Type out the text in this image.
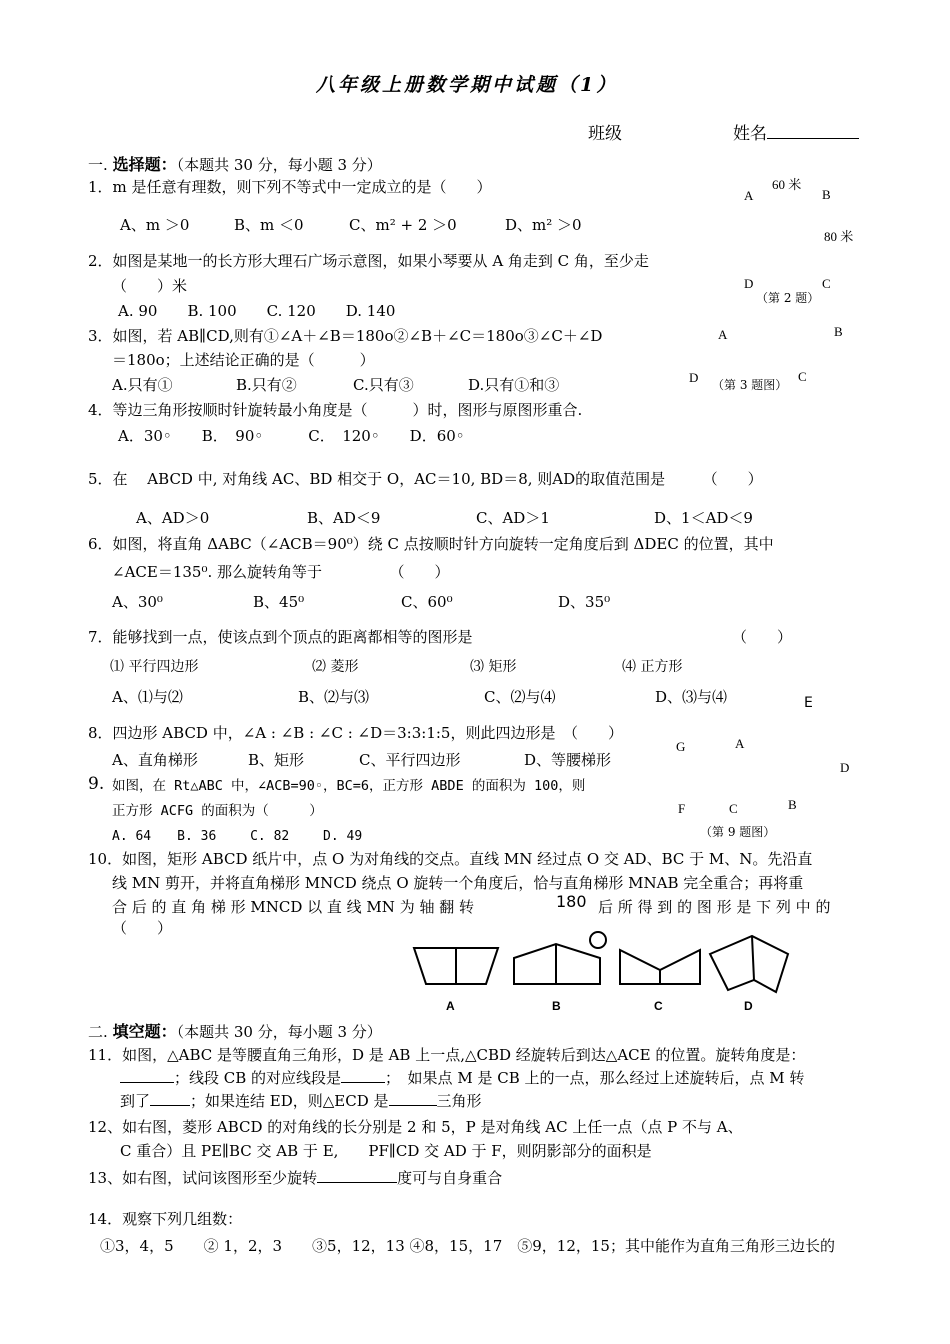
八年级上册数学期中试题（1）
班级	姓名
一. 选择题：（本题共 30 分，每小题 3 分）
1．m 是任意有理数，则下列不等式中一定成立的是（　　）
A、m ＞0	B、m ＜0	C、m² + 2 ＞0	D、m² ＞0
60 米
A	B
80 米
D	C
（第 2 题）
2．如图是某地一的长方形大理石广场示意图，如果小琴要从 A 角走到 C 角，至少走
（　　）米
A. 90　　B. 100　　C. 120　　D. 140
3．如图，若 AB∥CD,则有①∠A＋∠B＝180o②∠B＋∠C＝180o③∠C＋∠D
＝180o；上述结论正确的是（　　　）
A.只有①	B.只有②	C.只有③	D.只有①和③
A	B
D （第 3 题图）
C
4．等边三角形按顺时针旋转最小角度是（　　　）时，图形与原图形重合.
A．30◦　　B．　90◦　　　C．　120◦　　D．60◦
5．在　 ABCD 中, 对角线 AC、BD 相交于 O，AC＝10, BD＝8, 则AD的取值范围是　　　（　　）
A、AD＞0	B、AD＜9	C、AD＞1	D、1＜AD＜9
6．如图，将直角 ΔABC（∠ACB＝90⁰）绕 C 点按顺时针方向旋转一定角度后到 ΔDEC 的位置，其中
∠ACE＝135⁰. 那么旋转角等于　　　　　（　　）
A、30⁰	B、45⁰	C、60⁰	D、35⁰
7．能够找到一点，使该点到个顶点的距离都相等的图形是	（　　）
⑴ 平行四边形	⑵ 菱形	⑶ 矩形	⑷ 正方形
A、⑴与⑵	B、⑵与⑶	C、⑵与⑷	D、⑶与⑷
8．四边形 ABCD 中，∠A : ∠B : ∠C : ∠D＝3:3:1:5，则此四边形是　（　　）
A、直角梯形	B、矩形	C、平行四边形	D、等腰梯形
E
A
G
D
B
F	C
（第 9 题图）
9. 如图，在 Rt△ABC 中，∠ACB=90◦，BC=6，正方形 ABDE 的面积为 100，则
正方形 ACFG 的面积为（　　　）
A. 64　　B. 36　　 C. 82　　 D. 49
10．如图，矩形 ABCD 纸片中，点 O 为对角线的交点。直线 MN 经过点 O 交 AD、BC 于 M、N。先沿直
线 MN 剪开，并将直角梯形 MNCD 绕点 O 旋转一个角度后，恰与直角梯形 MNAB 完全重合；再将重
合 后 的 直 角 梯 形 MNCD 以 直 线 MN 为 轴 翻 转	180 后 所 得 到 的 图 形 是 下 列 中 的
（　　）
A	B	C	D
二. 填空题：（本题共 30 分，每小题 3 分）
11．如图，△ABC 是等腰直角三角形，D 是 AB 上一点,△CBD 经旋转后到达△ACE 的位置。旋转角度是：
；线段 CB 的对应线段是	；　如果点 M 是 CB 上的一点，那么经过上述旋转后，点 M 转
到了	；如果连结 ED，则△ECD 是	三角形
12、如右图，菱形 ABCD 的对角线的长分别是 2 和 5，P 是对角线 AC 上任一点（点 P 不与 A、
C 重合）且 PE∥BC 交 AB 于 E,　　PF∥CD 交 AD 于 F，则阴影部分的面积是
13、如右图，试问该图形至少旋转	度可与自身重合
14．观察下列几组数：
①3，4，5　　② 1，2，3　　③5，12，13 ④8，15，17　⑤9，12，15；其中能作为直角三角形三边长的
